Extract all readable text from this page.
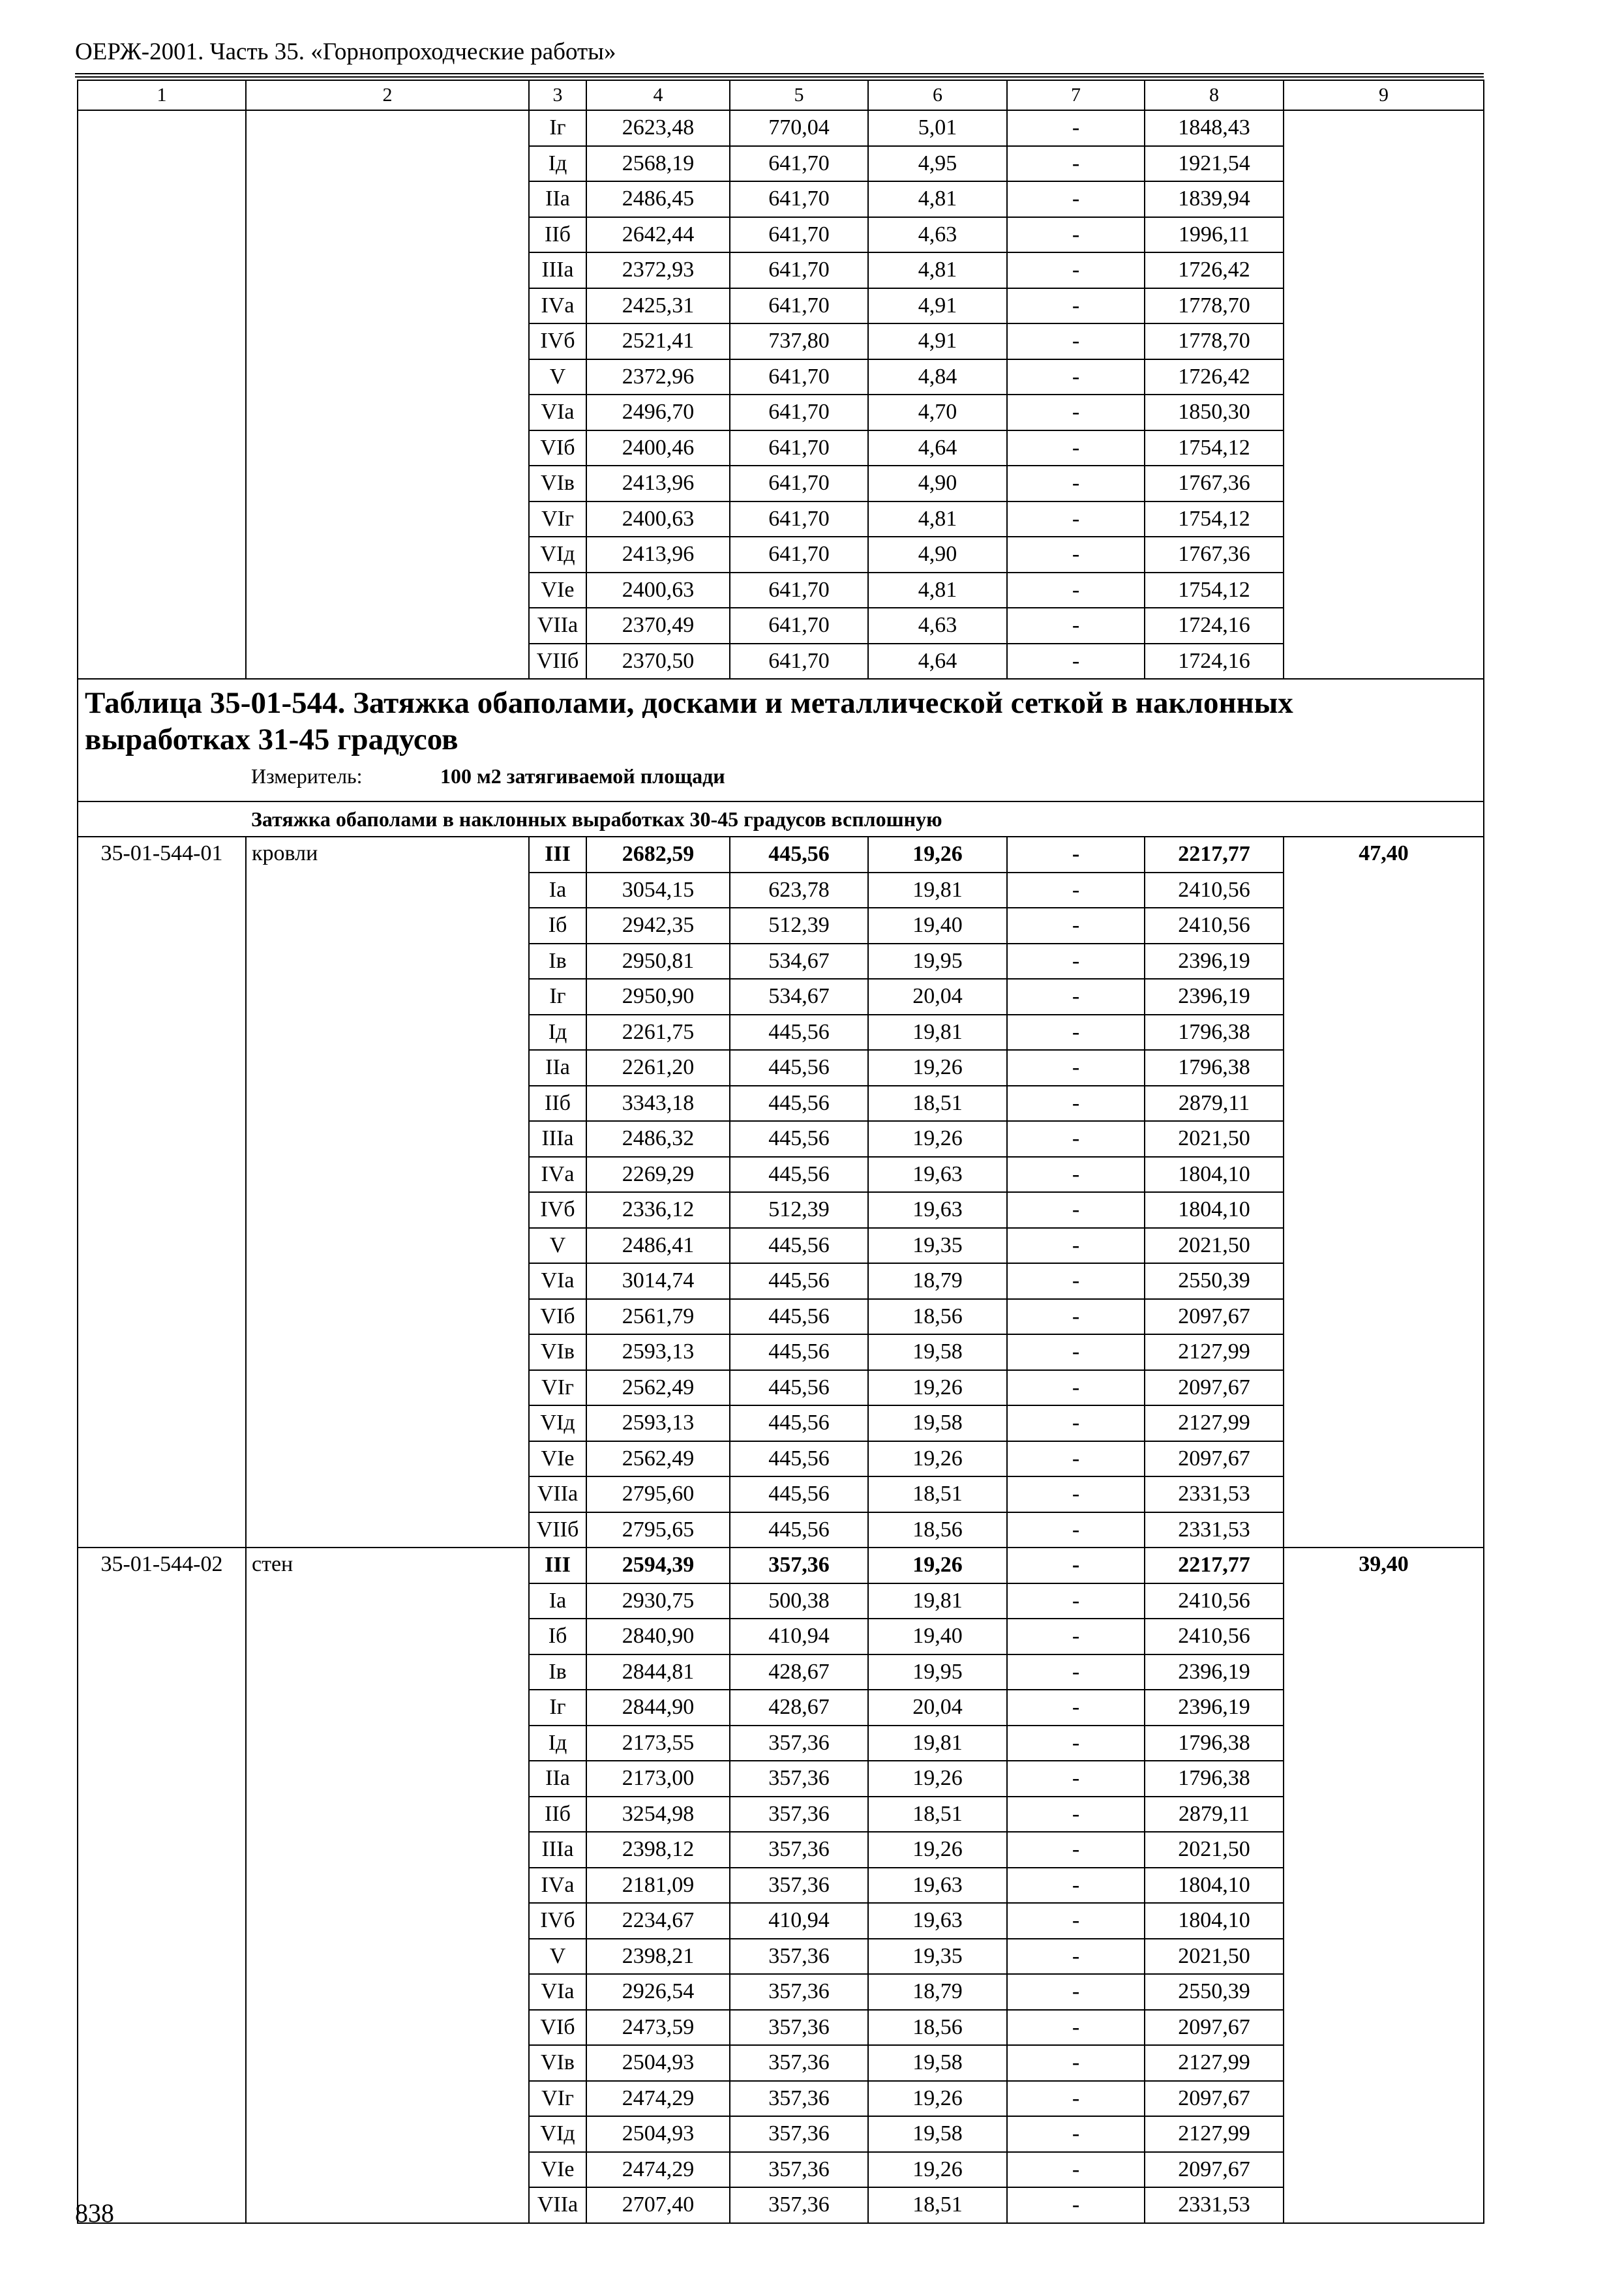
ОЕРЖ-2001. Часть 35. «Горнопроходческие работы»
1	2	3	4	5	6	7	8	9
		Iг	2623,48	770,04	5,01	-	1848,43	
		Iд	2568,19	641,70	4,95	-	1921,54	
		IIа	2486,45	641,70	4,81	-	1839,94	
		IIб	2642,44	641,70	4,63	-	1996,11	
		IIIа	2372,93	641,70	4,81	-	1726,42	
		IVа	2425,31	641,70	4,91	-	1778,70	
		IVб	2521,41	737,80	4,91	-	1778,70	
		V	2372,96	641,70	4,84	-	1726,42	
		VIа	2496,70	641,70	4,70	-	1850,30	
		VIб	2400,46	641,70	4,64	-	1754,12	
		VIв	2413,96	641,70	4,90	-	1767,36	
		VIг	2400,63	641,70	4,81	-	1754,12	
		VIд	2413,96	641,70	4,90	-	1767,36	
		VIе	2400,63	641,70	4,81	-	1754,12	
		VIIа	2370,49	641,70	4,63	-	1724,16	
		VIIб	2370,50	641,70	4,64	-	1724,16	

Таблица 35-01-544. Затяжка обаполами, досками и металлической сеткой в наклонных выработках 31-45 градусов
Измеритель: 100 м2 затягиваемой площади								

Затяжка обаполами в наклонных выработках 30-45 градусов всплошную								
35-01-544-01	кровли	III	2682,59	445,56	19,26	-	2217,77	47,40
		Iа	3054,15	623,78	19,81	-	2410,56	
		Iб	2942,35	512,39	19,40	-	2410,56	
		Iв	2950,81	534,67	19,95	-	2396,19	
		Iг	2950,90	534,67	20,04	-	2396,19	
		Iд	2261,75	445,56	19,81	-	1796,38	
		IIа	2261,20	445,56	19,26	-	1796,38	
		IIб	3343,18	445,56	18,51	-	2879,11	
		IIIа	2486,32	445,56	19,26	-	2021,50	
		IVа	2269,29	445,56	19,63	-	1804,10	
		IVб	2336,12	512,39	19,63	-	1804,10	
		V	2486,41	445,56	19,35	-	2021,50	
		VIа	3014,74	445,56	18,79	-	2550,39	
		VIб	2561,79	445,56	18,56	-	2097,67	
		VIв	2593,13	445,56	19,58	-	2127,99	
		VIг	2562,49	445,56	19,26	-	2097,67	
		VIд	2593,13	445,56	19,58	-	2127,99	
		VIе	2562,49	445,56	19,26	-	2097,67	
		VIIа	2795,60	445,56	18,51	-	2331,53	
		VIIб	2795,65	445,56	18,56	-	2331,53	
35-01-544-02	стен	III	2594,39	357,36	19,26	-	2217,77	39,40
		Iа	2930,75	500,38	19,81	-	2410,56	
		Iб	2840,90	410,94	19,40	-	2410,56	
		Iв	2844,81	428,67	19,95	-	2396,19	
		Iг	2844,90	428,67	20,04	-	2396,19	
		Iд	2173,55	357,36	19,81	-	1796,38	
		IIа	2173,00	357,36	19,26	-	1796,38	
		IIб	3254,98	357,36	18,51	-	2879,11	
		IIIа	2398,12	357,36	19,26	-	2021,50	
		IVа	2181,09	357,36	19,63	-	1804,10	
		IVб	2234,67	410,94	19,63	-	1804,10	
		V	2398,21	357,36	19,35	-	2021,50	
		VIа	2926,54	357,36	18,79	-	2550,39	
		VIб	2473,59	357,36	18,56	-	2097,67	
		VIв	2504,93	357,36	19,58	-	2127,99	
		VIг	2474,29	357,36	19,26	-	2097,67	
		VIд	2504,93	357,36	19,58	-	2127,99	
		VIе	2474,29	357,36	19,26	-	2097,67	
		VIIа	2707,40	357,36	18,51	-	2331,53	
838
